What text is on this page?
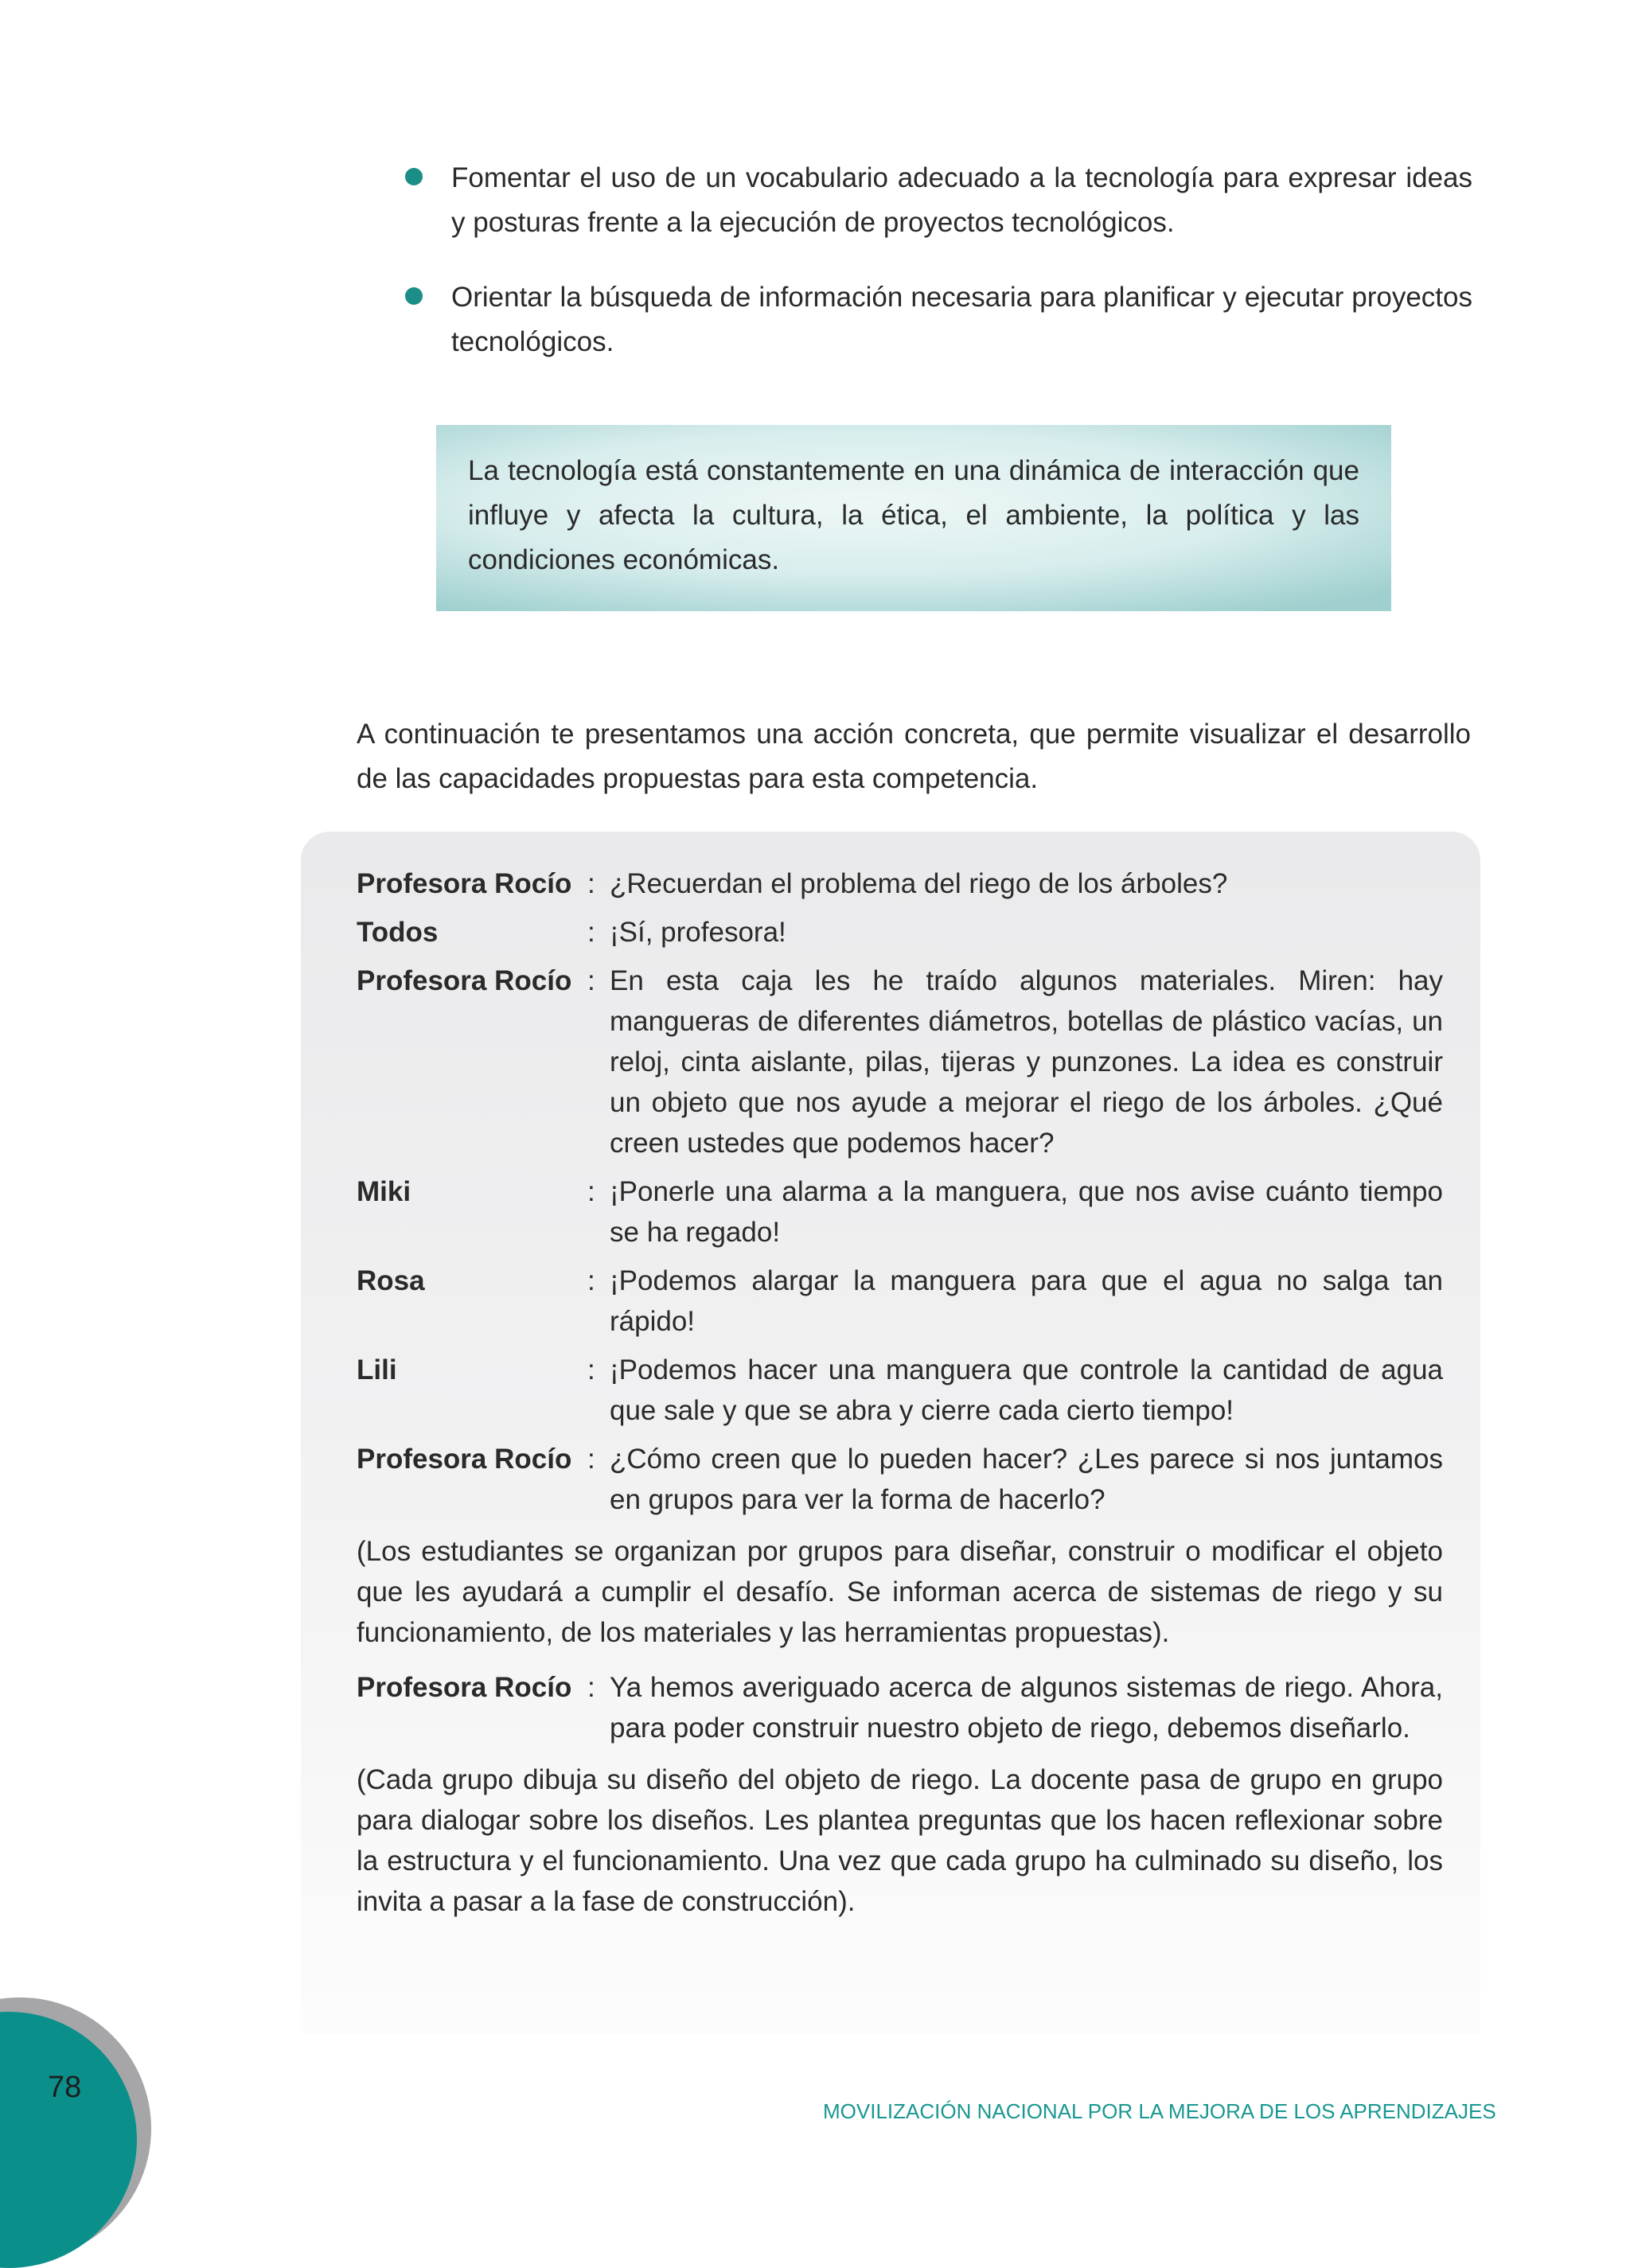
Fomentar el uso de un vocabulario adecuado a la tecnología para expresar ideas y posturas frente a la ejecución de proyectos tecnológicos.
Orientar la búsqueda de información necesaria para planificar y ejecutar proyectos tecnológicos.
La tecnología está constantemente en una dinámica de interacción que influye y afecta la cultura, la ética, el ambiente, la política y las condiciones económicas.
A continuación te presentamos una acción concreta, que permite visualizar el desarrollo de las capacidades propuestas para esta competencia.
Profesora Rocío : ¿Recuerdan el problema del riego de los árboles?
Todos	: ¡Sí, profesora!
Profesora Rocío : En esta caja les he traído algunos materiales. Miren: hay mangueras de diferentes diámetros, botellas de plástico vacías, un reloj, cinta aislante, pilas, tijeras y punzones. La idea es construir un objeto que nos ayude a mejorar el riego de los árboles. ¿Qué creen ustedes que podemos hacer?
Miki	: ¡Ponerle una alarma a la manguera, que nos avise cuánto tiempo se ha regado!
Rosa	: ¡Podemos alargar la manguera para que el agua no salga tan rápido!
Lili	: ¡Podemos hacer una manguera que controle la cantidad de agua que sale y que se abra y cierre cada cierto tiempo!
Profesora Rocío : ¿Cómo creen que lo pueden hacer? ¿Les parece si nos juntamos en grupos para ver la forma de hacerlo?
(Los estudiantes se organizan por grupos para diseñar, construir o modificar el objeto que les ayudará a cumplir el desafío. Se informan acerca de sistemas de riego y su funcionamiento, de los materiales y las herramientas propuestas).
Profesora Rocío : Ya hemos averiguado acerca de algunos sistemas de riego. Ahora, para poder construir nuestro objeto de riego, debemos diseñarlo.
(Cada grupo dibuja su diseño del objeto de riego. La docente pasa de grupo en grupo para dialogar sobre los diseños. Les plantea preguntas que los hacen reflexionar sobre la estructura y el funcionamiento. Una vez que cada grupo ha culminado su diseño, los invita a pasar a la fase de construcción).
78
MOVILIZACIÓN NACIONAL POR LA MEJORA DE LOS APRENDIZAJES
